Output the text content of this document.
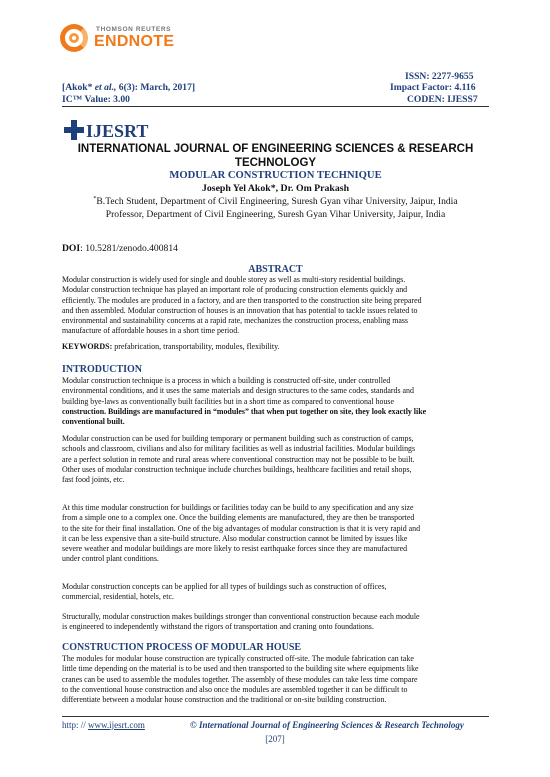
THOMSON REUTERS
ENDNOTE
ISSN: 2277-9655
[Akok* et al., 6(3): March, 2017]	Impact Factor: 4.116
IC™ Value: 3.00	CODEN: IJESS7
IJESRT
INTERNATIONAL JOURNAL OF ENGINEERING SCIENCES & RESEARCH
TECHNOLOGY
MODULAR CONSTRUCTION TECHNIQUE
Joseph Yel Akok*, Dr. Om Prakash
*B.Tech Student, Department of Civil Engineering, Suresh Gyan vihar University, Jaipur, India
Professor, Department of Civil Engineering, Suresh Gyan Vihar University, Jaipur, India
DOI: 10.5281/zenodo.400814
ABSTRACT
Modular construction is widely used for single and double storey as well as multi-story residential buildings.
Modular construction technique has played an important role of producing construction elements quickly and
efficiently. The modules are produced in a factory, and are then transported to the construction site being prepared
and then assembled. Modular construction of houses is an innovation that has potential to tackle issues related to
environmental and sustainability concerns at a rapid rate, mechanizes the construction process, enabling mass
manufacture of affordable houses in a short time period.
KEYWORDS: prefabrication, transportability, modules, flexibility.
INTRODUCTION
Modular construction technique is a process in which a building is constructed off-site, under controlled
environmental conditions, and it uses the same materials and design structures to the same codes, standards and
building bye-laws as conventionally built facilities but in a short time as compared to conventional house
construction. Buildings are manufactured in “modules” that when put together on site, they look exactly like
conventional built.
Modular construction can be used for building temporary or permanent building such as construction of camps,
schools and classroom, civilians and also for military facilities as well as industrial facilities. Modular buildings
are a perfect solution in remote and rural areas where conventional construction may not be possible to be built.
Other uses of modular construction technique include churches buildings, healthcare facilities and retail shops,
fast food joints, etc.
At this time modular construction for buildings or facilities today can be build to any specification and any size
from a simple one to a complex one. Once the building elements are manufactured, they are then be transported
to the site for their final installation. One of the big advantages of modular construction is that it is very rapid and
it can be less expensive than a site-build structure. Also modular construction cannot be limited by issues like
severe weather and modular buildings are more likely to resist earthquake forces since they are manufactured
under control plant conditions.
Modular construction concepts can be applied for all types of buildings such as construction of offices,
commercial, residential, hotels, etc.
Structurally, modular construction makes buildings stronger than conventional construction because each module
is engineered to independently withstand the rigors of transportation and craning onto foundations.
CONSTRUCTION PROCESS OF MODULAR HOUSE
The modules for modular house construction are typically constructed off-site. The module fabrication can take
little time depending on the material is to be used and then transported to the building site where equipments like
cranes can be used to assemble the modules together. The assembly of these modules can take less time compare
to the conventional house construction and also once the modules are assembled together it can be difficult to
differentiate between a modular house construction and the traditional or on-site building construction.
http: // www.ijesrt.com	© International Journal of Engineering Sciences & Research Technology
[207]
